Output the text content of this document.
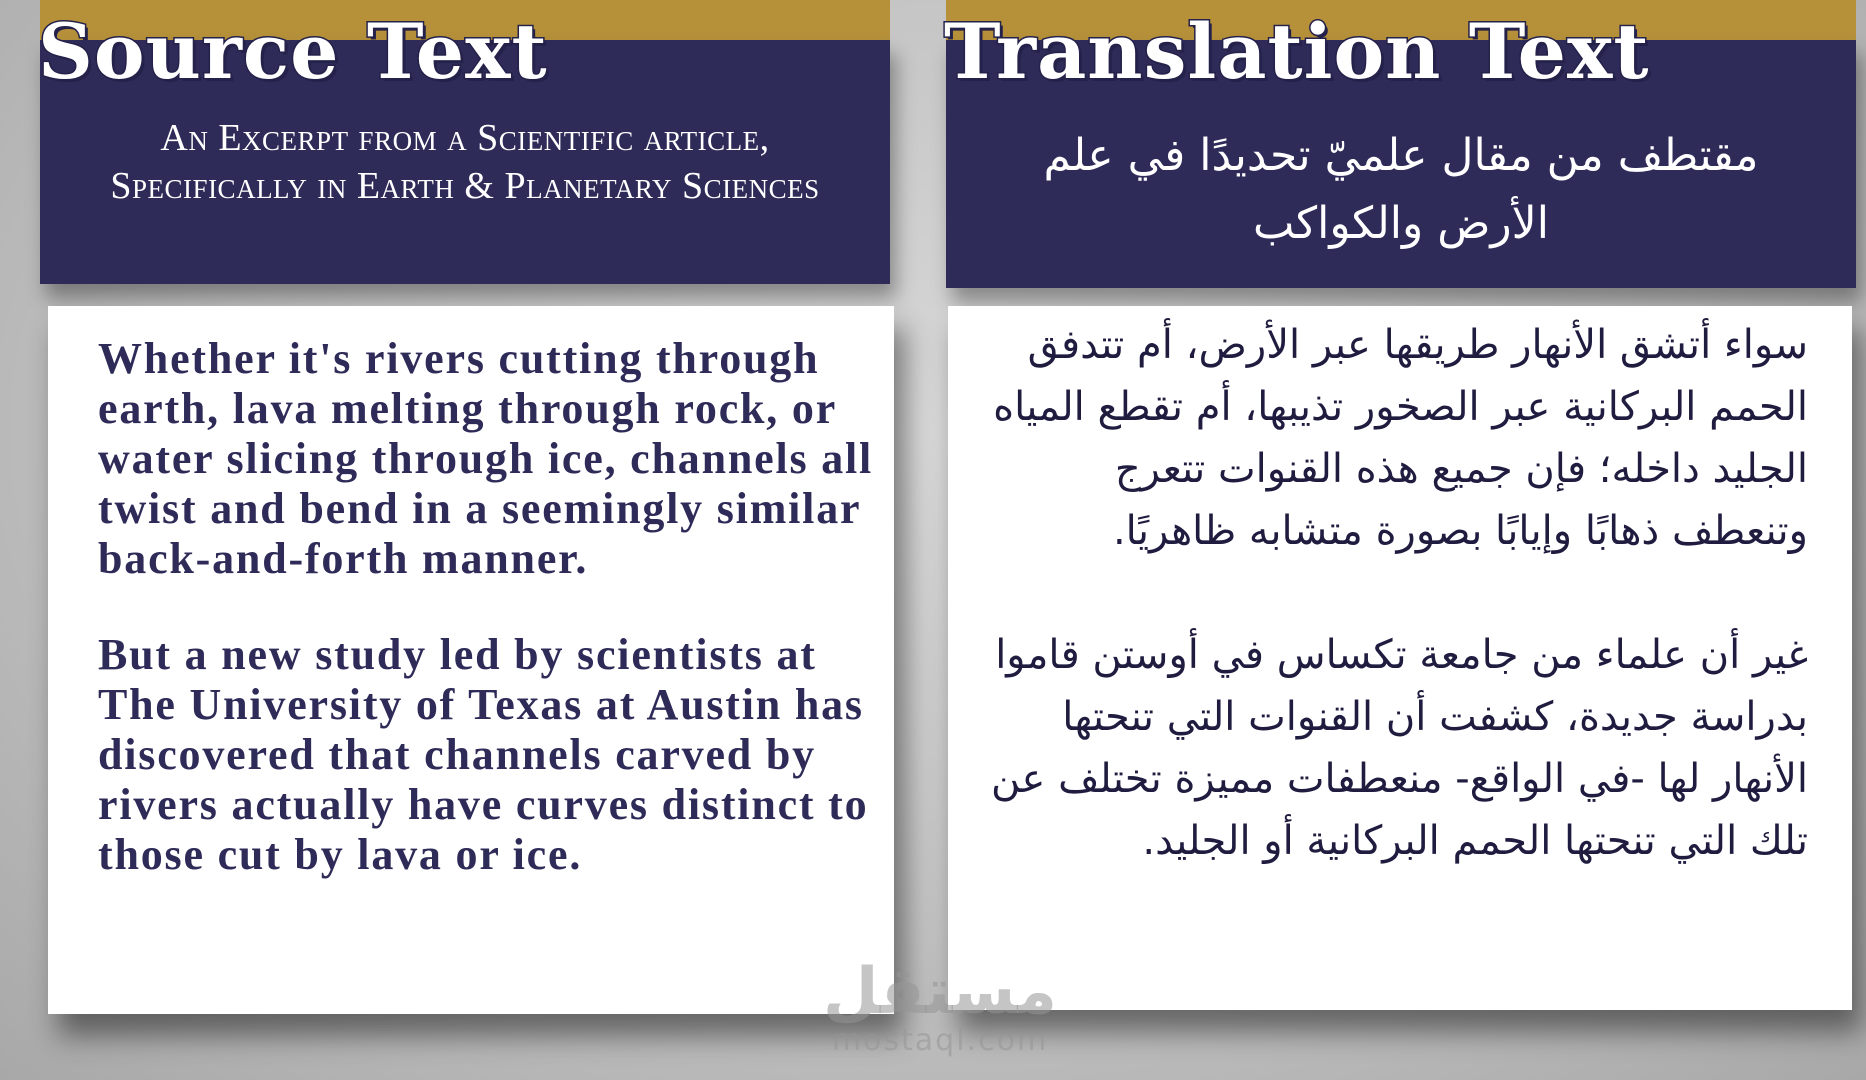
An Excerpt from a Scientific article, Specifically in Earth & Planetary Sciences

Source Text

Whether it's rivers cutting through earth, lava melting through rock, or water slicing through ice, channels all twist and bend in a seemingly similar back-and-forth manner.

But a new study led by scientists at The University of Texas at Austin has discovered that channels carved by rivers actually have curves distinct to those cut by lava or ice.

مقتطف من مقال علميّ تحديدًا في علم الأرض والكواكب

Translation Text

سواء أتشق الأنهار طريقها عبر الأرض، أم تتدفق الحمم البركانية عبر الصخور تذيبها، أم تقطع المياه الجليد داخله؛ فإن جميع هذه القنوات تتعرج وتنعطف ذهابًا وإيابًا بصورة متشابه ظاهريًا.

غير أن علماء من جامعة تكساس في أوستن قاموا بدراسة جديدة، كشفت أن القنوات التي تنحتها الأنهار لها -في الواقع- منعطفات مميزة تختلف عن تلك التي تنحتها الحمم البركانية أو الجليد.

مستقل
mostaql.com
